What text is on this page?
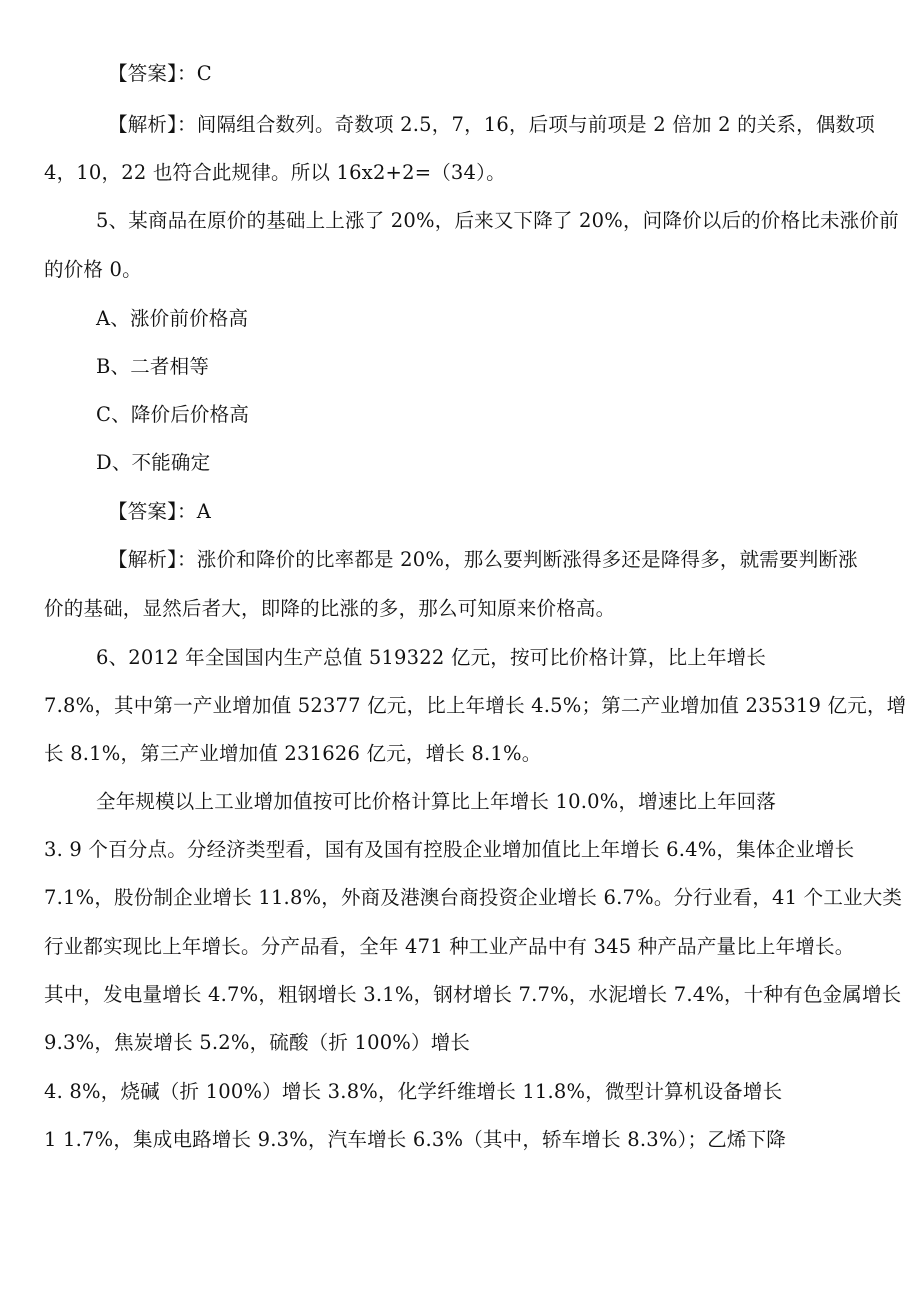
【答案】：C
【解析】：间隔组合数列。奇数项 2.5，7，16，后项与前项是 2 倍加 2 的关系，偶数项
4，10，22 也符合此规律。所以 16x2+2=（34）。
5、某商品在原价的基础上上涨了 20%，后来又下降了 20%，问降价以后的价格比未涨价前
的价格 0。
A、涨价前价格高
B、二者相等
C、降价后价格高
D、不能确定
【答案】：A
【解析】：涨价和降价的比率都是 20%，那么要判断涨得多还是降得多，就需要判断涨
价的基础，显然后者大，即降的比涨的多，那么可知原来价格高。
6、2012 年全国国内生产总值 519322 亿元，按可比价格计算，比上年增长
7.8%，其中第一产业增加值 52377 亿元，比上年增长 4.5%；第二产业增加值 235319 亿元，增
长 8.1%，第三产业增加值 231626 亿元，增长 8.1%。
全年规模以上工业增加值按可比价格计算比上年增长 10.0%，增速比上年回落
3. 9 个百分点。分经济类型看，国有及国有控股企业增加值比上年增长 6.4%，集体企业增长
7.1%，股份制企业增长 11.8%，外商及港澳台商投资企业增长 6.7%。分行业看，41 个工业大类
行业都实现比上年增长。分产品看，全年 471 种工业产品中有 345 种产品产量比上年增长。
其中，发电量增长 4.7%，粗钢增长 3.1%，钢材增长 7.7%，水泥增长 7.4%，十种有色金属增长
9.3%，焦炭增长 5.2%，硫酸（折 100%）增长
4. 8%，烧碱（折 100%）增长 3.8%，化学纤维增长 11.8%，微型计算机设备增长
1 1.7%，集成电路增长 9.3%，汽车增长 6.3%（其中，轿车增长 8.3%）；乙烯下降
